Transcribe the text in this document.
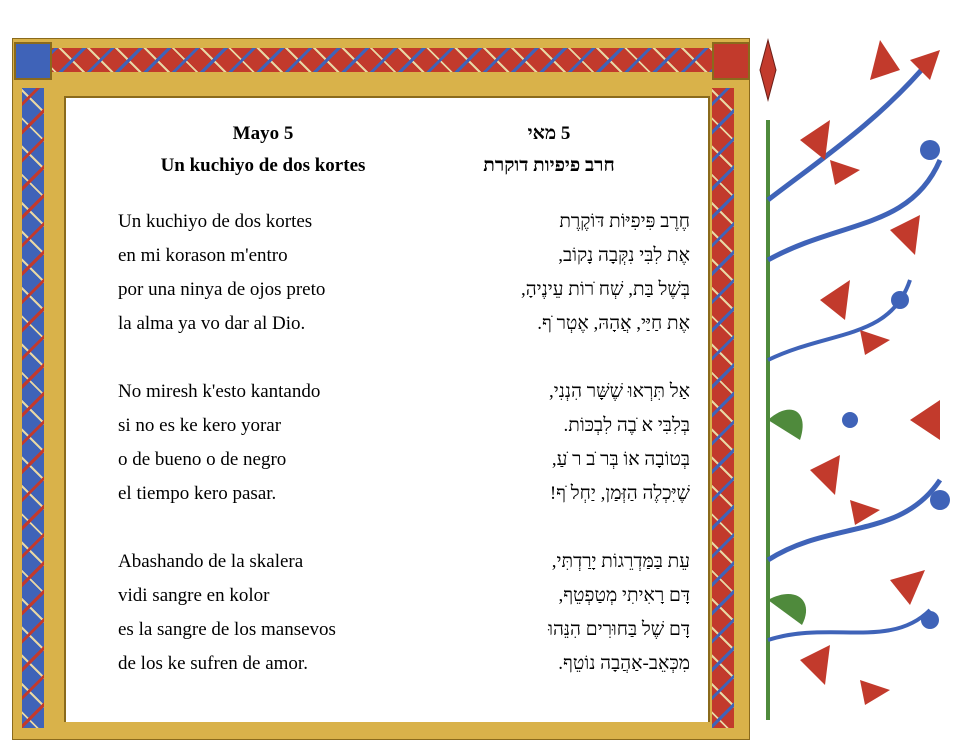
Mayo 5
Un kuchiyo de dos kortes
Un kuchiyo de dos kortes
en mi korason m'entro
por una ninya de ojos preto
la alma ya vo dar al Dio.
No miresh k'esto kantando
si no es ke kero yorar
o de bueno o de negro
el tiempo kero pasar.
Abashando de la skalera
vidi sangre en kolor
es la sangre de los mansevos
de los ke sufren de amor.
5 מאי
חרב פיפיות דוקרת
חֶרֶב פִּיפִיּוֹת דּוֹקֶרֶת
אֶת לִבִּי נִקְּבָה נָקוֹב,
בְּשֶׁל בַּת, שְׁח ֹרוֹת עֵינֶיהָ,
אֶת חַיַּי, אֲהָהּ, אֶטְר ֹף.
אַל תִּרְאוּ שֶׁשָּׁר הִנְנִי,
בְּלִבִּי א ֹבֶה לִבְכּוֹת.
בְּטוֹבָה אוֹ בְּר ֹב ר ֹעַ,
שֶׁיִּכְלֶה הַזְּמַן, יַחְל ֹף!
עֵת בַּמַּדְרֵגוֹת יָרַדְתִּי,
דָּם רָאִיתִי מְטַפְטֵף,
דָּם שֶׁל בַּחוּרִים הִנֵּהוּ
מִכְּאֵב-אַהֲבָה נוֹטֵף.
